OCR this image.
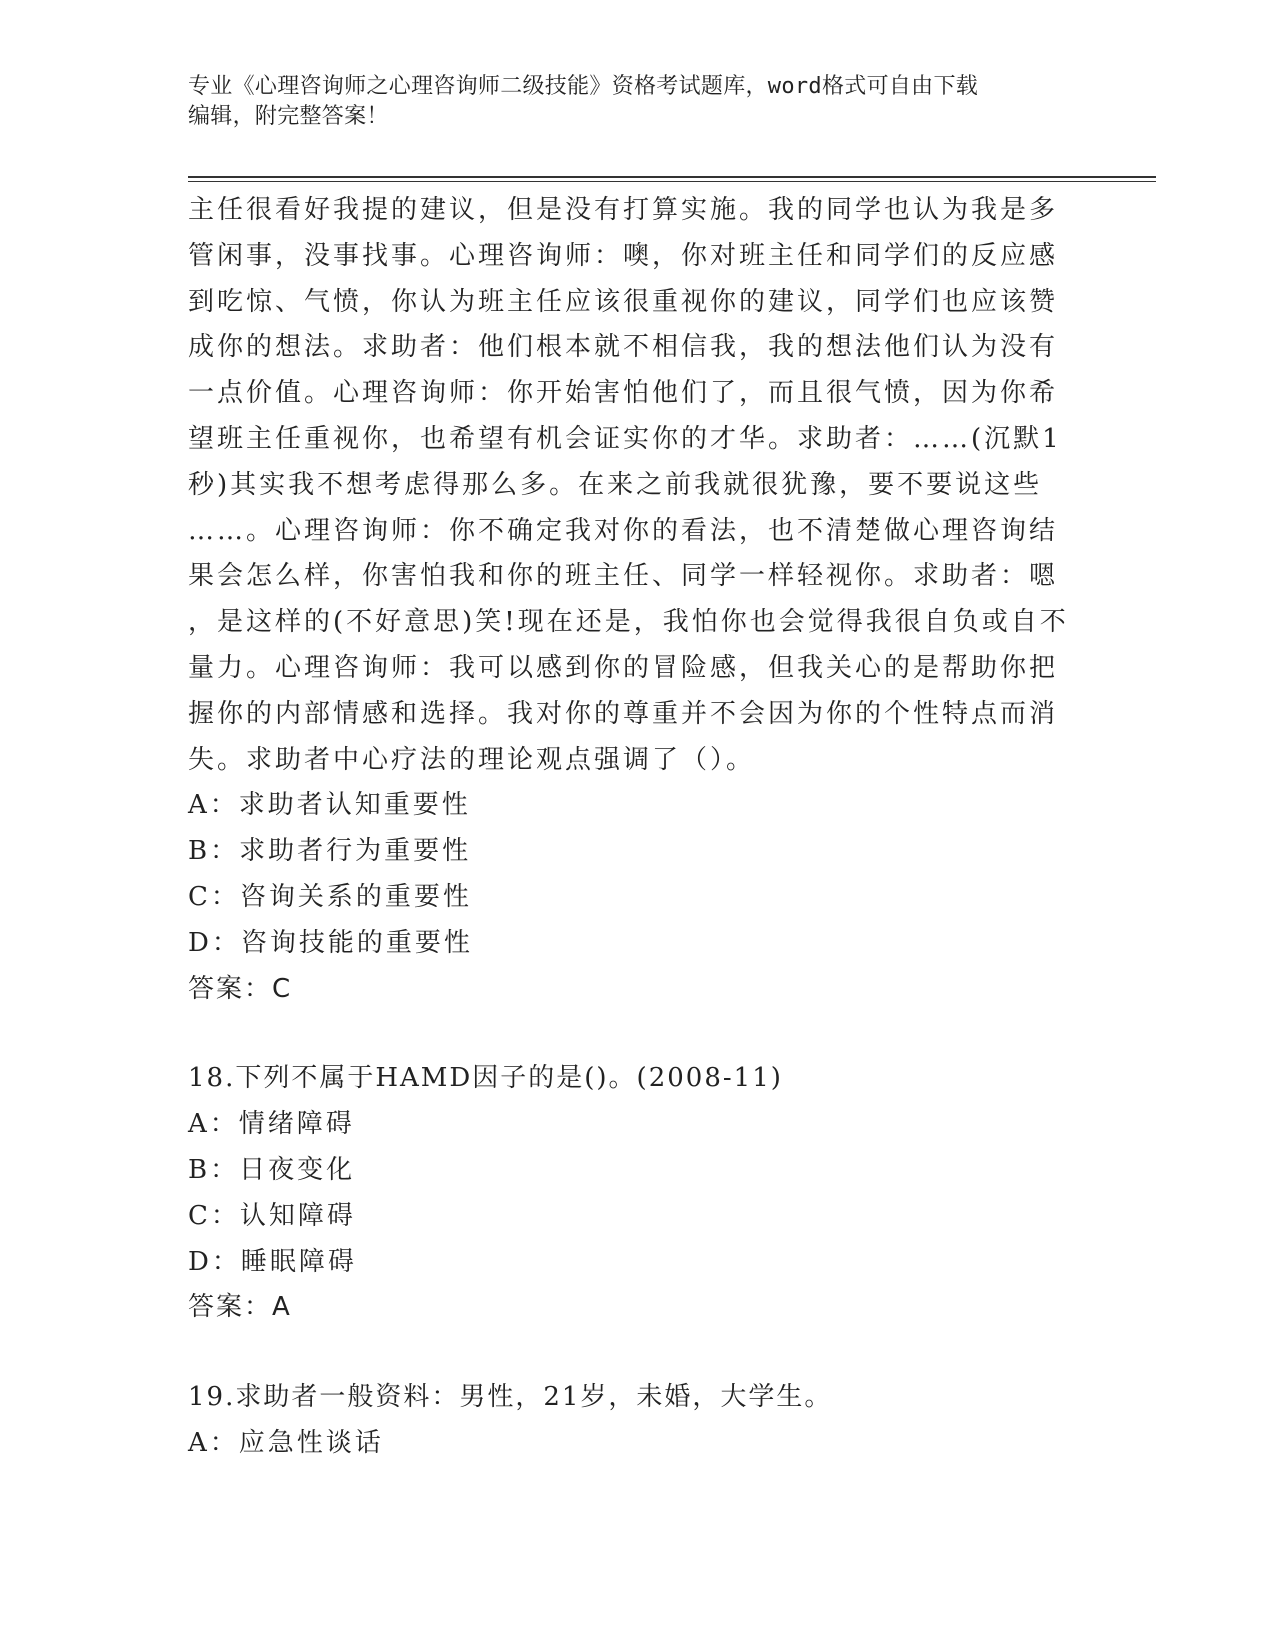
专业《心理咨询师之心理咨询师二级技能》资格考试题库，word格式可自由下载
编辑，附完整答案！

主任很看好我提的建议，但是没有打算实施。我的同学也认为我是多

管闲事，没事找事。心理咨询师：噢，你对班主任和同学们的反应感

到吃惊、气愤，你认为班主任应该很重视你的建议，同学们也应该赞

成你的想法。求助者：他们根本就不相信我，我的想法他们认为没有

一点价值。心理咨询师：你开始害怕他们了，而且很气愤，因为你希

望班主任重视你，也希望有机会证实你的才华。求助者：……(沉默1

秒)其实我不想考虑得那么多。在来之前我就很犹豫，要不要说这些

……。心理咨询师：你不确定我对你的看法，也不清楚做心理咨询结

果会怎么样，你害怕我和你的班主任、同学一样轻视你。求助者：嗯

，是这样的(不好意思)笑!现在还是，我怕你也会觉得我很自负或自不

量力。心理咨询师：我可以感到你的冒险感，但我关心的是帮助你把

握你的内部情感和选择。我对你的尊重并不会因为你的个性特点而消

失。求助者中心疗法的理论观点强调了（）。

A：求助者认知重要性

B：求助者行为重要性

C：咨询关系的重要性

D：咨询技能的重要性

答案：C

18.下列不属于HAMD因子的是()。(2008-11)

A：情绪障碍

B：日夜变化

C：认知障碍

D：睡眠障碍

答案：A

19.求助者一般资料：男性，21岁，未婚，大学生。

A：应急性谈话
